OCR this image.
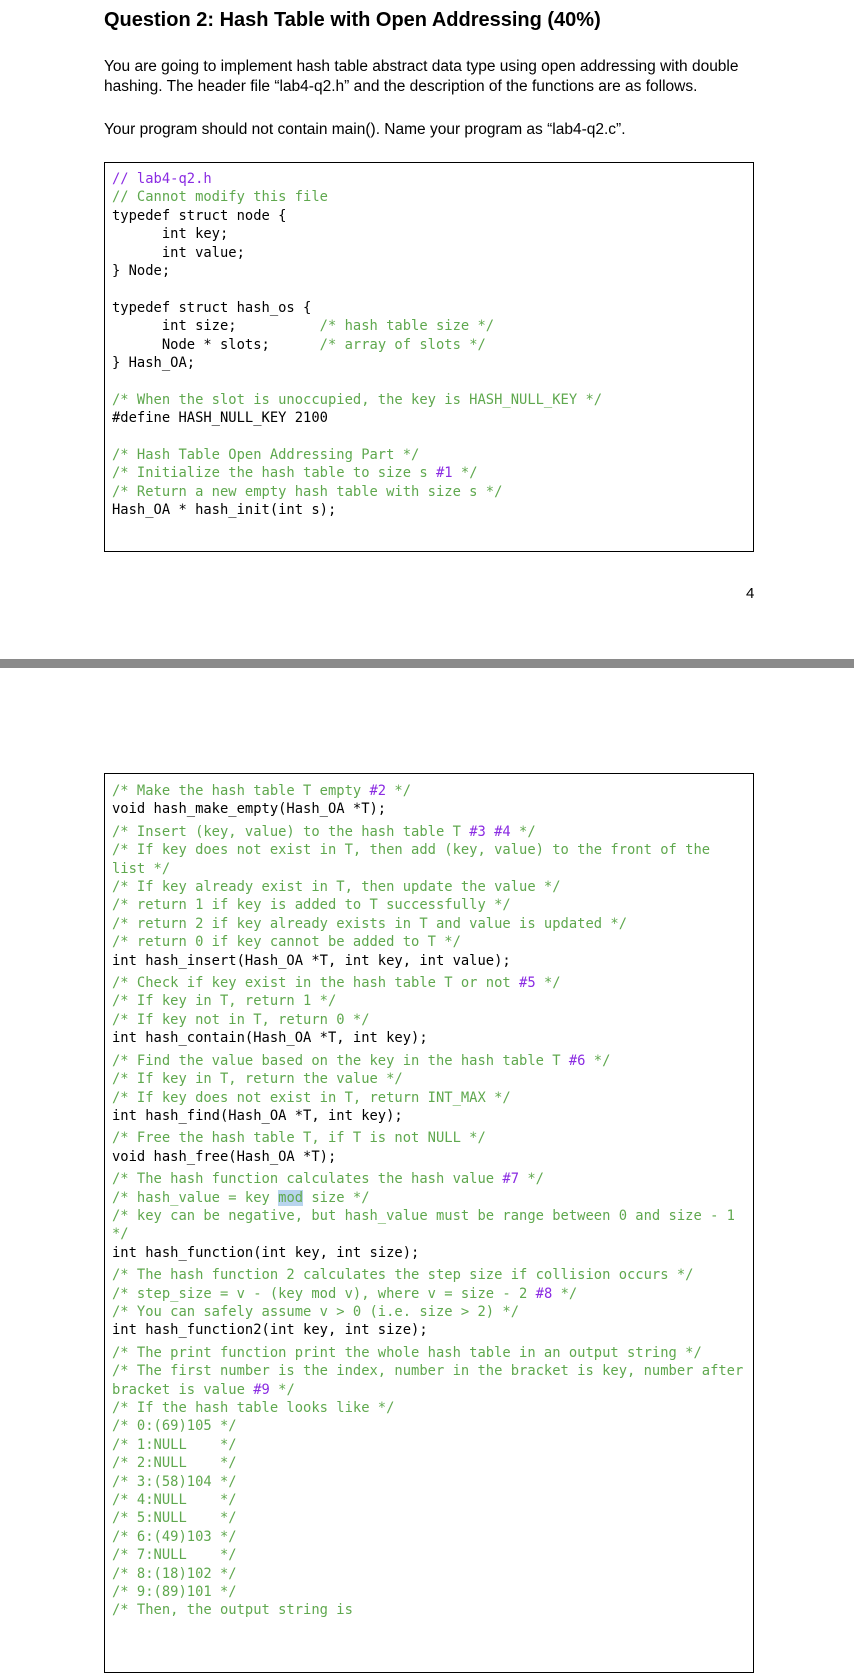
Question 2: Hash Table with Open Addressing (40%)

You are going to implement hash table abstract data type using open addressing with double hashing. The header file “lab4-q2.h” and the description of the functions are as follows.

Your program should not contain main(). Name your program as “lab4-q2.c”.

// lab4-q2.h
// Cannot modify this file
typedef struct node {
int key;
int value;
} Node;
typedef struct hash_os {
int size;          /* hash table size */
Node * slots;      /* array of slots */
} Hash_OA;
/* When the slot is unoccupied, the key is HASH_NULL_KEY */
#define HASH_NULL_KEY 2100
/* Hash Table Open Addressing Part */
/* Initialize the hash table to size s #1 */
/* Return a new empty hash table with size s */
Hash_OA * hash_init(int s);
4
/* Make the hash table T empty #2 */
void hash_make_empty(Hash_OA *T);
/* Insert (key, value) to the hash table T #3 #4 */
/* If key does not exist in T, then add (key, value) to the front of the list */
/* If key already exist in T, then update the value */
/* return 1 if key is added to T successfully */
/* return 2 if key already exists in T and value is updated */
/* return 0 if key cannot be added to T */
int hash_insert(Hash_OA *T, int key, int value);
/* Check if key exist in the hash table T or not #5 */
/* If key in T, return 1 */
/* If key not in T, return 0 */
int hash_contain(Hash_OA *T, int key);
/* Find the value based on the key in the hash table T #6 */
/* If key in T, return the value */
/* If key does not exist in T, return INT_MAX */
int hash_find(Hash_OA *T, int key);
/* Free the hash table T, if T is not NULL */
void hash_free(Hash_OA *T);
/* The hash function calculates the hash value #7 */
/* hash_value = key mod size */
/* key can be negative, but hash_value must be range between 0 and size - 1 */
int hash_function(int key, int size);
/* The hash function 2 calculates the step size if collision occurs */
/* step_size = v - (key mod v), where v = size - 2 #8 */
/* You can safely assume v > 0 (i.e. size > 2) */
int hash_function2(int key, int size);
/* The print function print the whole hash table in an output string */
/* The first number is the index, number in the bracket is key, number after bracket is value #9 */
/* If the hash table looks like */
/* 0:(69)105 */
/* 1:NULL    */
/* 2:NULL    */
/* 3:(58)104 */
/* 4:NULL    */
/* 5:NULL    */
/* 6:(49)103 */
/* 7:NULL    */
/* 8:(18)102 */
/* 9:(89)101 */
/* Then, the output string is
